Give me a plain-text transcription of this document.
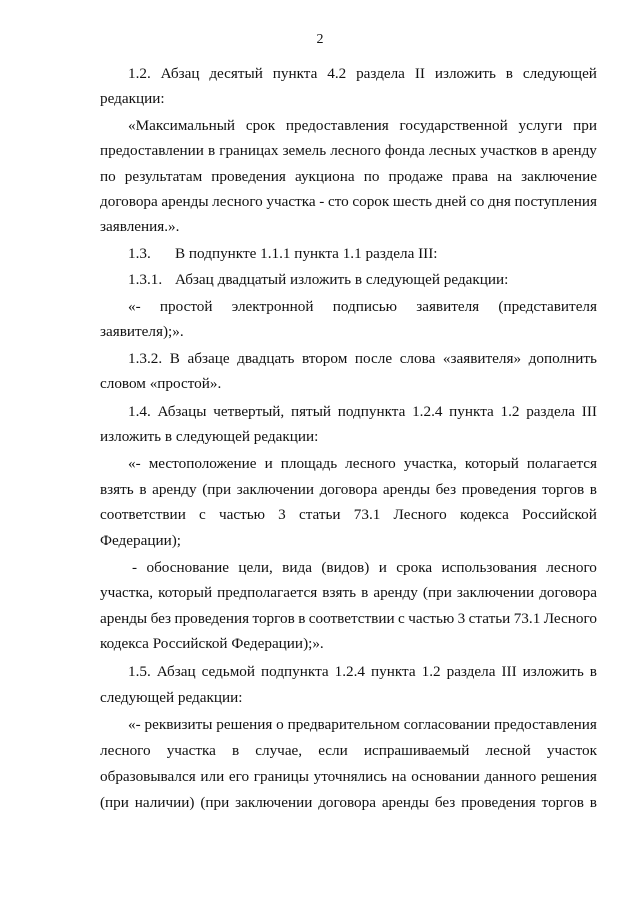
2
1.2. Абзац десятый пункта 4.2 раздела II изложить в следующей
редакции:
«Максимальный срок предоставления государственной услуги при
предоставлении в границах земель лесного фонда лесных участков в аренду
по результатам проведения аукциона по продаже права на заключение
договора аренды лесного участка - сто сорок шесть дней со дня поступления
заявления.».
1.3. В подпункте 1.1.1 пункта 1.1 раздела III:
1.3.1. Абзац двадцатый изложить в следующей редакции:
«- простой электронной подписью заявителя (представителя
заявителя);».
1.3.2. В абзаце двадцать втором после слова «заявителя» дополнить
словом «простой».
1.4. Абзацы четвертый, пятый подпункта 1.2.4 пункта 1.2 раздела III
изложить в следующей редакции:
«- местоположение и площадь лесного участка, который полагается
взять в аренду (при заключении договора аренды без проведения торгов в
соответствии с частью 3 статьи 73.1 Лесного кодекса Российской
Федерации);
- обоснование цели, вида (видов) и срока использования лесного
участка, который предполагается взять в аренду (при заключении договора
аренды без проведения торгов в соответствии с частью 3 статьи 73.1 Лесного
кодекса Российской Федерации);».
1.5. Абзац седьмой подпункта 1.2.4 пункта 1.2 раздела III изложить в
следующей редакции:
«- реквизиты решения о предварительном согласовании предоставления
лесного участка в случае, если испрашиваемый лесной участок
образовывался или его границы уточнялись на основании данного решения
(при наличии) (при заключении договора аренды без проведения торгов в
